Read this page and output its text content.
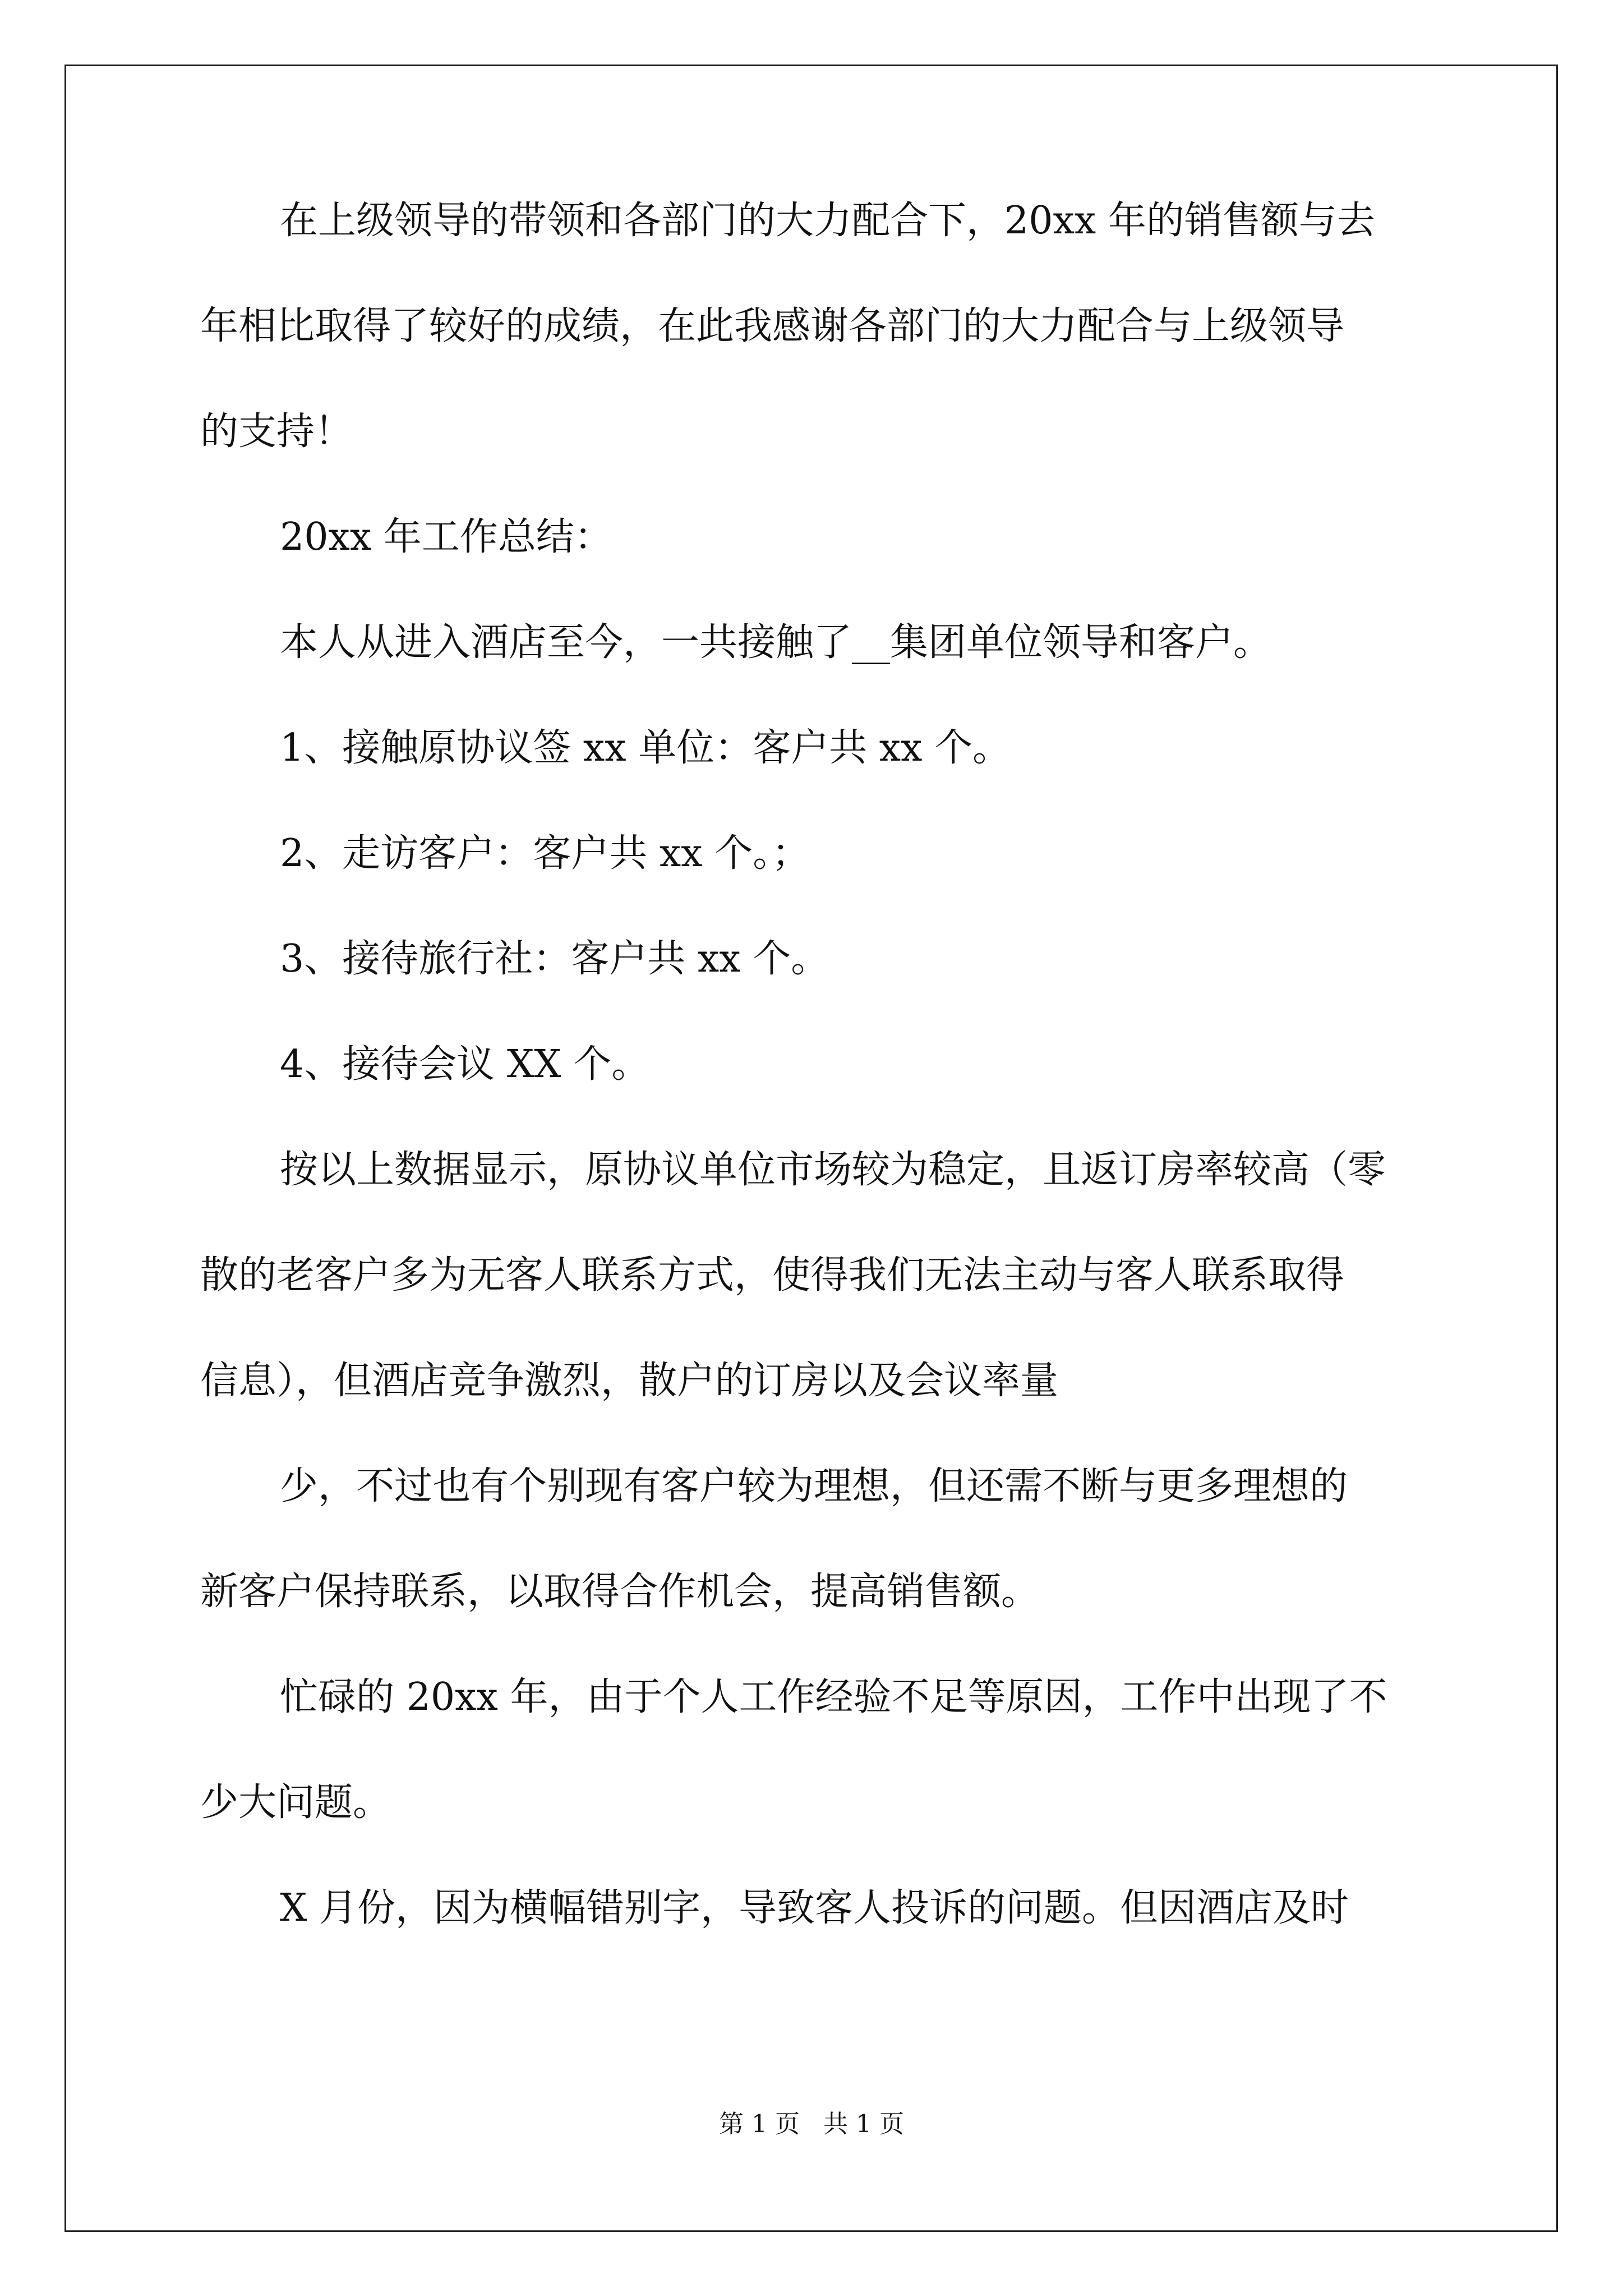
在上级领导的带领和各部门的大力配合下，20xx 年的销售额与去
年相比取得了较好的成绩，在此我感谢各部门的大力配合与上级领导
的支持！
20xx 年工作总结：
本人从进入酒店至今，一共接触了__集团单位领导和客户。
1、接触原协议签 xx 单位：客户共 xx 个。
2、走访客户：客户共 xx 个。；
3、接待旅行社：客户共 xx 个。
4、接待会议 XX 个。
按以上数据显示，原协议单位市场较为稳定，且返订房率较高（零
散的老客户多为无客人联系方式，使得我们无法主动与客人联系取得
信息），但酒店竞争激烈，散户的订房以及会议率量
少，不过也有个别现有客户较为理想，但还需不断与更多理想的
新客户保持联系，以取得合作机会，提高销售额。
忙碌的 20xx 年，由于个人工作经验不足等原因，工作中出现了不
少大问题。
X 月份，因为横幅错别字，导致客人投诉的问题。但因酒店及时
第 1 页 共 1 页
